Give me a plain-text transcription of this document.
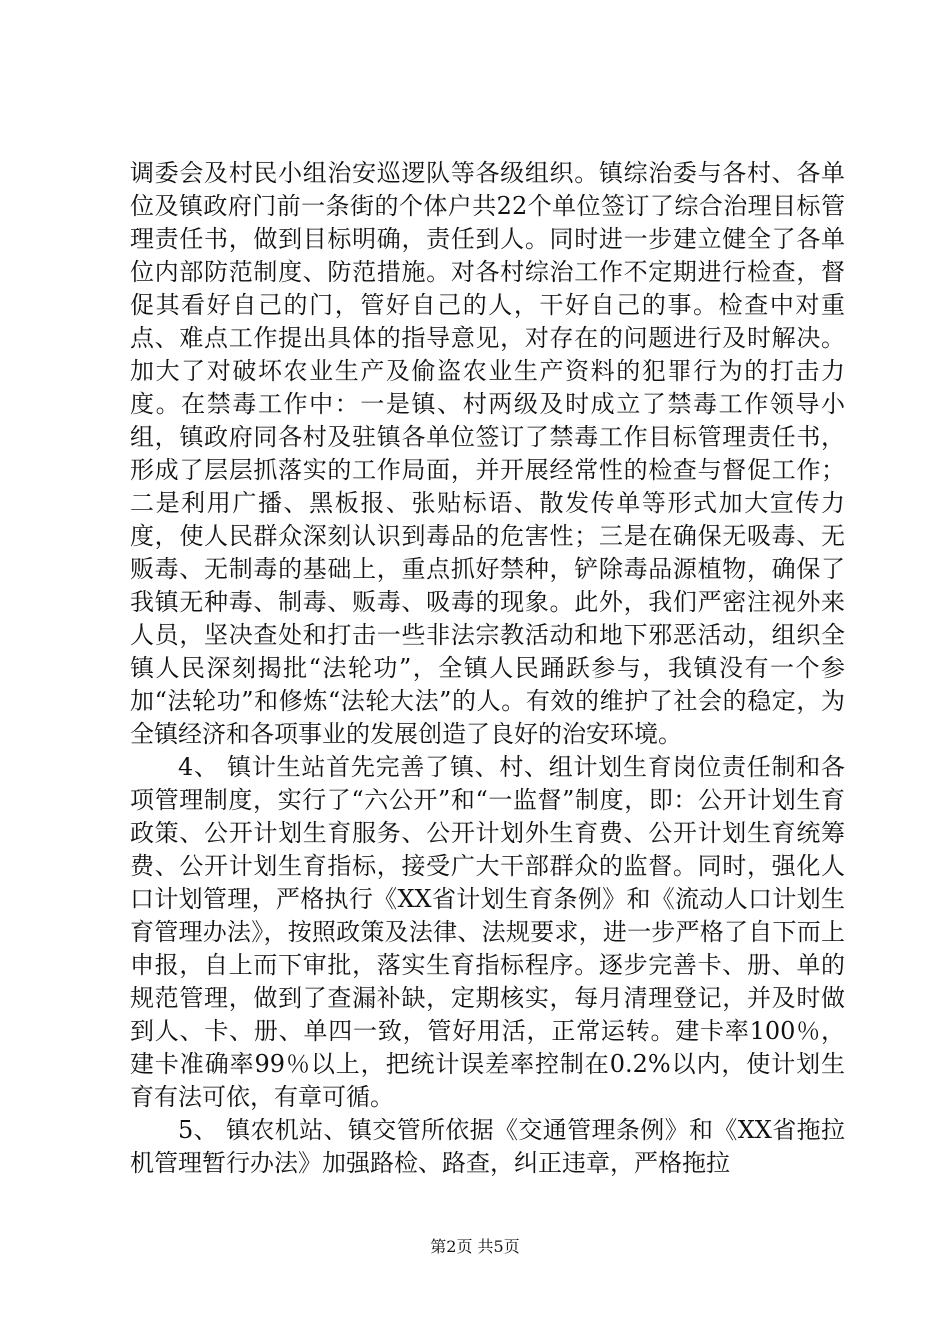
调委会及村民小组治安巡逻队等各级组织。镇综治委与各村、各单位及镇政府门前一条街的个体户共22个单位签订了综合治理目标管理责任书，做到目标明确，责任到人。同时进一步建立健全了各单位内部防范制度、防范措施。对各村综治工作不定期进行检查，督促其看好自己的门，管好自己的人，干好自己的事。检查中对重点、难点工作提出具体的指导意见，对存在的问题进行及时解决。加大了对破坏农业生产及偷盗农业生产资料的犯罪行为的打击力度。在禁毒工作中：一是镇、村两级及时成立了禁毒工作领导小组，镇政府同各村及驻镇各单位签订了禁毒工作目标管理责任书，形成了层层抓落实的工作局面，并开展经常性的检查与督促工作；二是利用广播、黑板报、张贴标语、散发传单等形式加大宣传力度，使人民群众深刻认识到毒品的危害性；三是在确保无吸毒、无贩毒、无制毒的基础上，重点抓好禁种，铲除毒品源植物，确保了我镇无种毒、制毒、贩毒、吸毒的现象。此外，我们严密注视外来人员，坚决查处和打击一些非法宗教活动和地下邪恶活动，组织全镇人民深刻揭批“法轮功”，全镇人民踊跃参与，我镇没有一个参加“法轮功”和修炼“法轮大法”的人。有效的维护了社会的稳定，为全镇经济和各项事业的发展创造了良好的治安环境。

4、 镇计生站首先完善了镇、村、组计划生育岗位责任制和各项管理制度，实行了“六公开”和“一监督”制度，即：公开计划生育政策、公开计划生育服务、公开计划外生育费、公开计划生育统筹费、公开计划生育指标，接受广大干部群众的监督。同时，强化人口计划管理，严格执行《XX省计划生育条例》和《流动人口计划生育管理办法》，按照政策及法律、法规要求，进一步严格了自下而上申报，自上而下审批，落实生育指标程序。逐步完善卡、册、单的规范管理，做到了查漏补缺，定期核实，每月清理登记，并及时做到人、卡、册、单四一致，管好用活，正常运转。建卡率100％， 建卡准确率99％以上，把统计误差率控制在0.2%以内，使计划生育有法可依，有章可循。

5、 镇农机站、镇交管所依据《交通管理条例》和《XX省拖拉机管理暂行办法》加强路检、路查，纠正违章，严格拖拉

第2页 共5页
